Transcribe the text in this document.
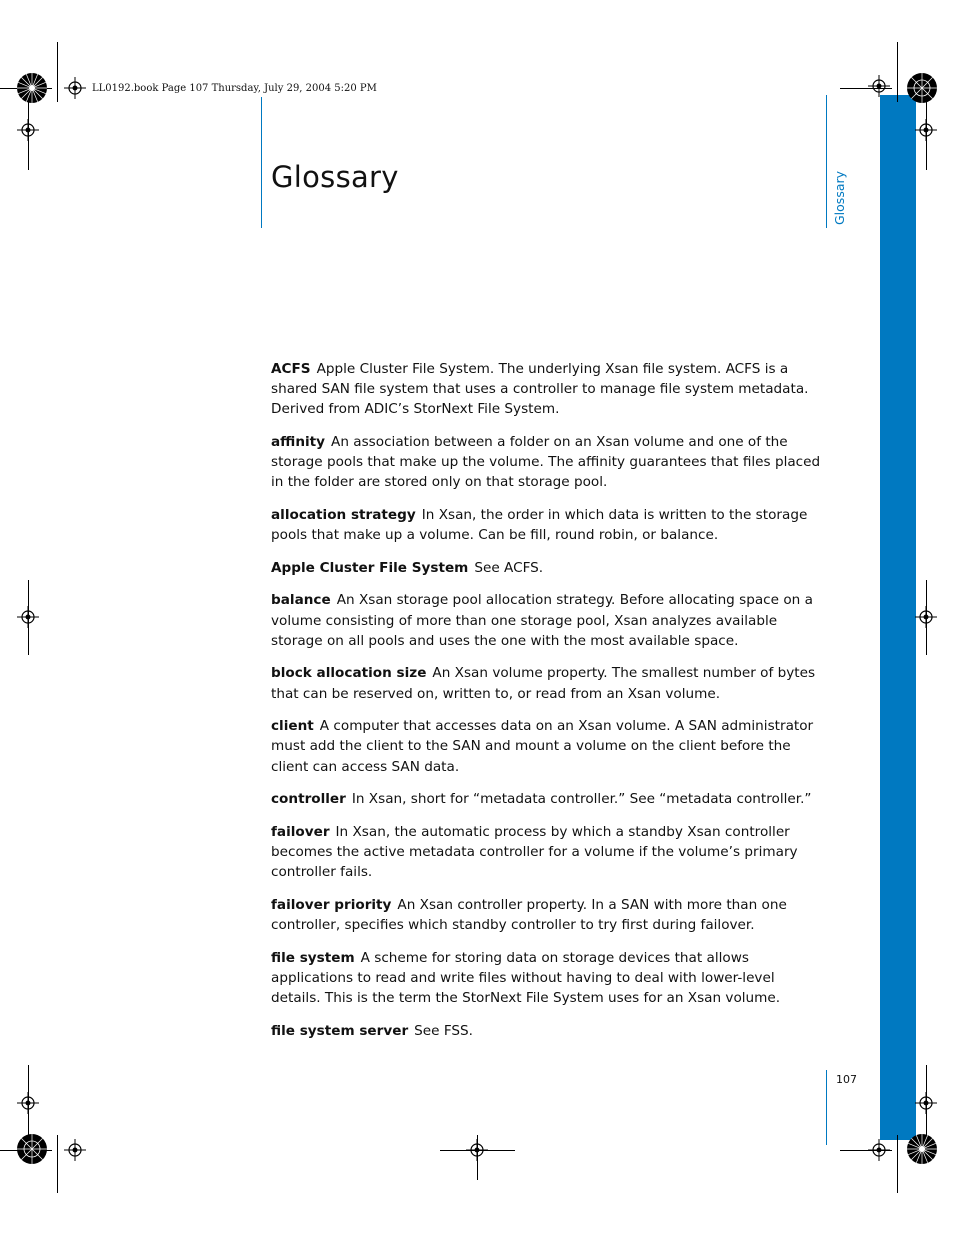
LL0192.book Page 107 Thursday, July 29, 2004 5:20 PM
Glossary	Glossary

ACFS Apple Cluster File System. The underlying Xsan file system. ACFS is a shared SAN file system that uses a controller to manage file system metadata. Derived from ADIC’s StorNext File System.

affinity An association between a folder on an Xsan volume and one of the storage pools that make up the volume. The affinity guarantees that files placed in the folder are stored only on that storage pool.

allocation strategy In Xsan, the order in which data is written to the storage pools that make up a volume. Can be fill, round robin, or balance.

Apple Cluster File System See ACFS.

balance An Xsan storage pool allocation strategy. Before allocating space on a volume consisting of more than one storage pool, Xsan analyzes available storage on all pools and uses the one with the most available space.

block allocation size An Xsan volume property. The smallest number of bytes that can be reserved on, written to, or read from an Xsan volume.

client A computer that accesses data on an Xsan volume. A SAN administrator must add the client to the SAN and mount a volume on the client before the client can access SAN data.

controller In Xsan, short for “metadata controller.” See “metadata controller.”

failover In Xsan, the automatic process by which a standby Xsan controller becomes the active metadata controller for a volume if the volume’s primary controller fails.

failover priority An Xsan controller property. In a SAN with more than one controller, specifies which standby controller to try first during failover.

file system A scheme for storing data on storage devices that allows applications to read and write files without having to deal with lower-level details. This is the term the StorNext File System uses for an Xsan volume.

file system server See FSS.

107
